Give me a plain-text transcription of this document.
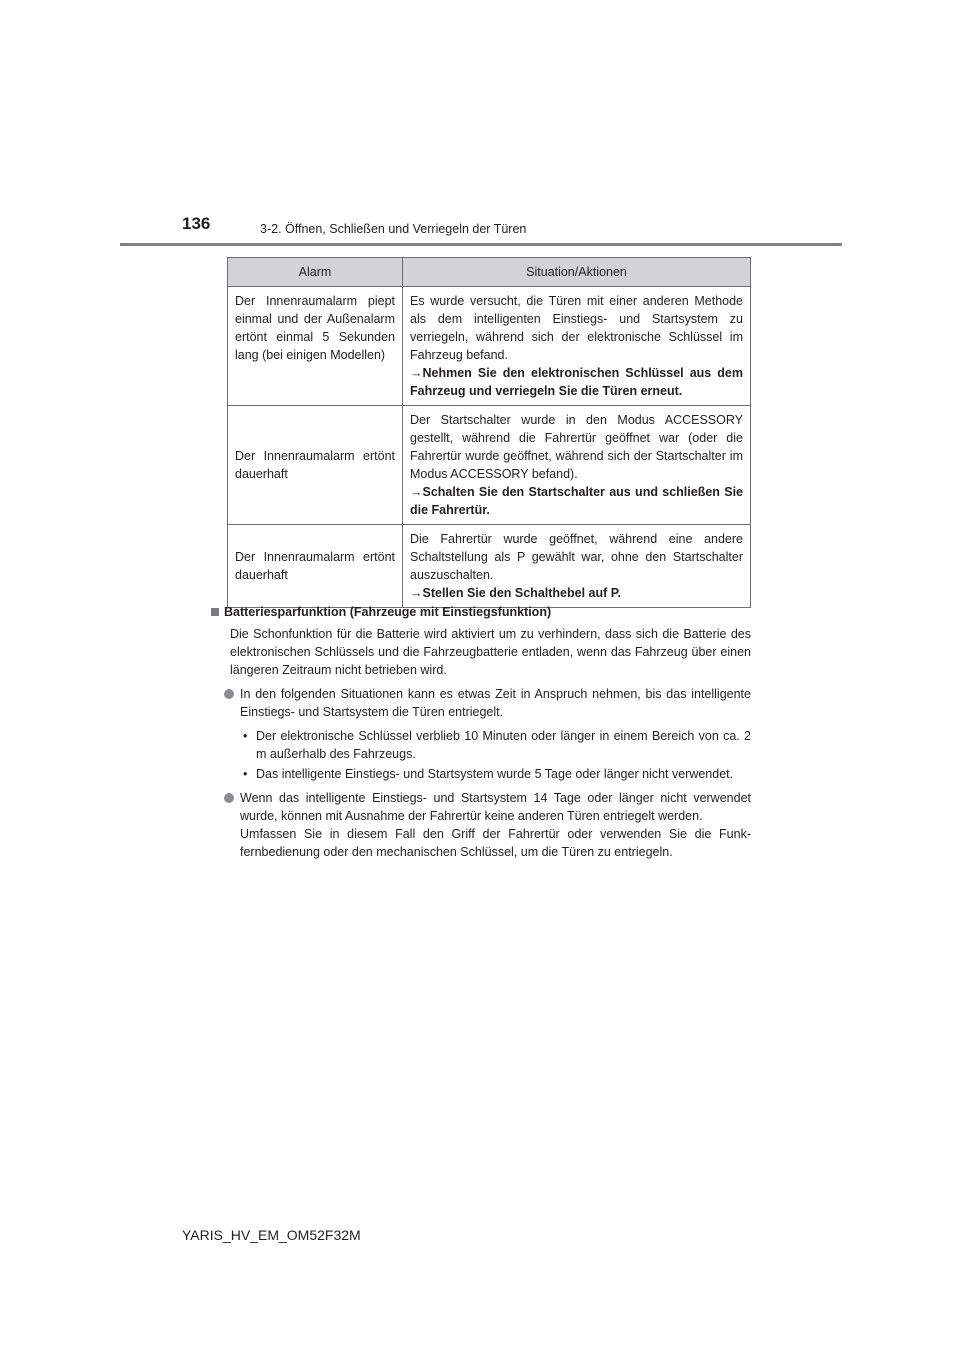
136	3-2. Öffnen, Schließen und Verriegeln der Türen
Alarm	Situation/Aktionen
Der Innenraumalarm piept einmal und der Außenalarm ertönt einmal 5 Sekunden lang (bei einigen Modellen)	Es wurde versucht, die Türen mit einer anderen Methode als dem intelligenten Einstiegs- und Startsystem zu verriegeln, während sich der elektronische Schlüssel im Fahrzeug befand.
→Nehmen Sie den elektronischen Schlüssel aus dem Fahrzeug und verriegeln Sie die Türen erneut.

Der Innenraumalarm ertönt dauerhaft	Der Startschalter wurde in den Modus ACCESSORY gestellt, während die Fahrertür geöffnet war (oder die Fahrertür wurde geöffnet, während sich der Startschalter im Modus ACCESSORY befand).
→Schalten Sie den Startschalter aus und schließen Sie die Fahrertür.

Der Innenraumalarm ertönt dauerhaft	Die Fahrertür wurde geöffnet, während eine andere Schaltstellung als P gewählt war, ohne den Startschalter auszuschalten.
→Stellen Sie den Schalthebel auf P.

Batteriesparfunktion (Fahrzeuge mit Einstiegsfunktion)

Die Schonfunktion für die Batterie wird aktiviert um zu verhindern, dass sich die Batterie des elektronischen Schlüssels und die Fahrzeugbatterie entladen, wenn das Fahrzeug über einen längeren Zeitraum nicht betrieben wird.

In den folgenden Situationen kann es etwas Zeit in Anspruch nehmen, bis das intelligente Einstiegs- und Startsystem die Türen entriegelt.
• Der elektronische Schlüssel verblieb 10 Minuten oder länger in einem Bereich von ca. 2 m außerhalb des Fahrzeugs.
• Das intelligente Einstiegs- und Startsystem wurde 5 Tage oder länger nicht verwendet.
Wenn das intelligente Einstiegs- und Startsystem 14 Tage oder länger nicht verwendet wurde, können mit Ausnahme der Fahrertür keine anderen Türen entriegelt werden.
Umfassen Sie in diesem Fall den Griff der Fahrertür oder verwenden Sie die Funkfernbedienung oder den mechanischen Schlüssel, um die Türen zu entriegeln.
YARIS_HV_EM_OM52F32M
